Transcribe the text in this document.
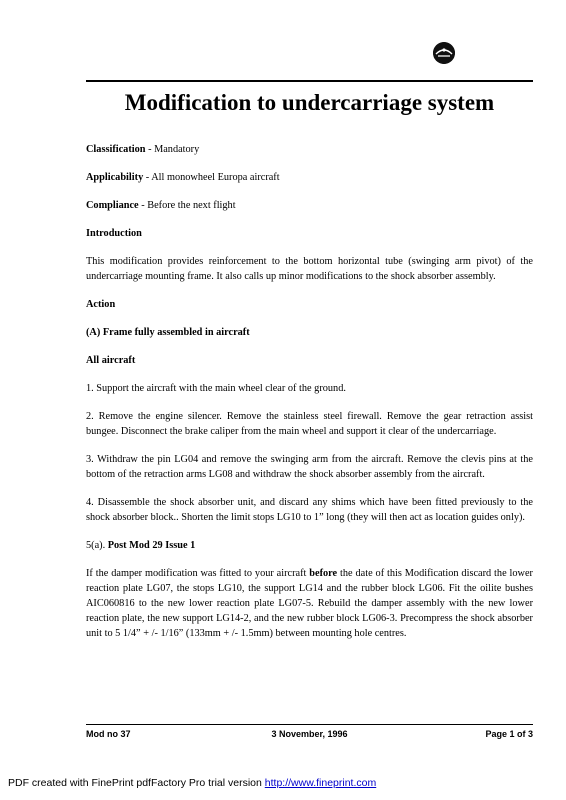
Modification to undercarriage system

Classification - Mandatory

Applicability - All monowheel Europa aircraft

Compliance - Before the next flight

Introduction

This modification provides reinforcement to the bottom horizontal tube (swinging arm pivot) of the undercarriage mounting frame. It also calls up minor modifications to the shock absorber assembly.

Action

(A) Frame fully assembled in aircraft

All aircraft

1. Support the aircraft with the main wheel clear of the ground.

2. Remove the engine silencer. Remove the stainless steel firewall. Remove the gear retraction assist bungee. Disconnect the brake caliper from the main wheel and support it clear of the undercarriage.

3. Withdraw the pin LG04 and remove the swinging arm from the aircraft. Remove the clevis pins at the bottom of the retraction arms LG08 and withdraw the shock absorber assembly from the aircraft.

4. Disassemble the shock absorber unit, and discard any shims which have been fitted previously to the shock absorber block.. Shorten the limit stops LG10 to 1” long (they will then act as location guides only).

5(a). Post Mod 29 Issue 1

If the damper modification was fitted to your aircraft before the date of this Modification discard the lower reaction plate LG07, the stops LG10, the support LG14 and the rubber block LG06. Fit the oilite bushes AIC060816 to the new lower reaction plate LG07-5. Rebuild the damper assembly with the new lower reaction plate, the new support LG14-2, and the new rubber block LG06-3. Precompress the shock absorber unit to 5 1/4” + /- 1/16” (133mm + /- 1.5mm) between mounting hole centres.

Mod no 37	3 November, 1996	Page 1 of 3
PDF created with FinePrint pdfFactory Pro trial version http://www.fineprint.com
